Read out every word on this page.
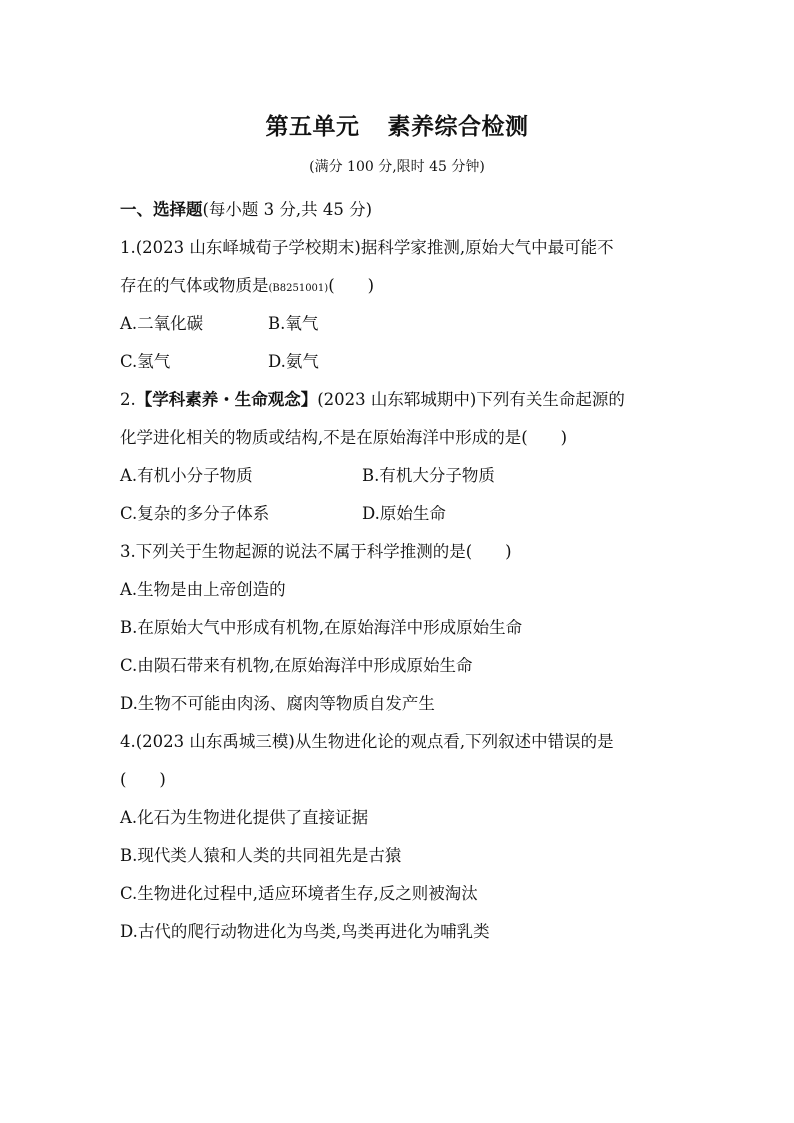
第五单元 素养综合检测
(满分 100 分,限时 45 分钟)
一、选择题(每小题 3 分,共 45 分)
1.(2023 山东峄城荀子学校期末)据科学家推测,原始大气中最可能不
存在的气体或物质是(B8251001)(　　)
A.二氧化碳	B.氧气
C.氢气	D.氨气
2.【学科素养・生命观念】(2023 山东郓城期中)下列有关生命起源的
化学进化相关的物质或结构,不是在原始海洋中形成的是(　　)
A.有机小分子物质	B.有机大分子物质
C.复杂的多分子体系	D.原始生命
3.下列关于生物起源的说法不属于科学推测的是(　　)
A.生物是由上帝创造的
B.在原始大气中形成有机物,在原始海洋中形成原始生命
C.由陨石带来有机物,在原始海洋中形成原始生命
D.生物不可能由肉汤、腐肉等物质自发产生
4.(2023 山东禹城三模)从生物进化论的观点看,下列叙述中错误的是
(　　)
A.化石为生物进化提供了直接证据
B.现代类人猿和人类的共同祖先是古猿
C.生物进化过程中,适应环境者生存,反之则被淘汰
D.古代的爬行动物进化为鸟类,鸟类再进化为哺乳类
